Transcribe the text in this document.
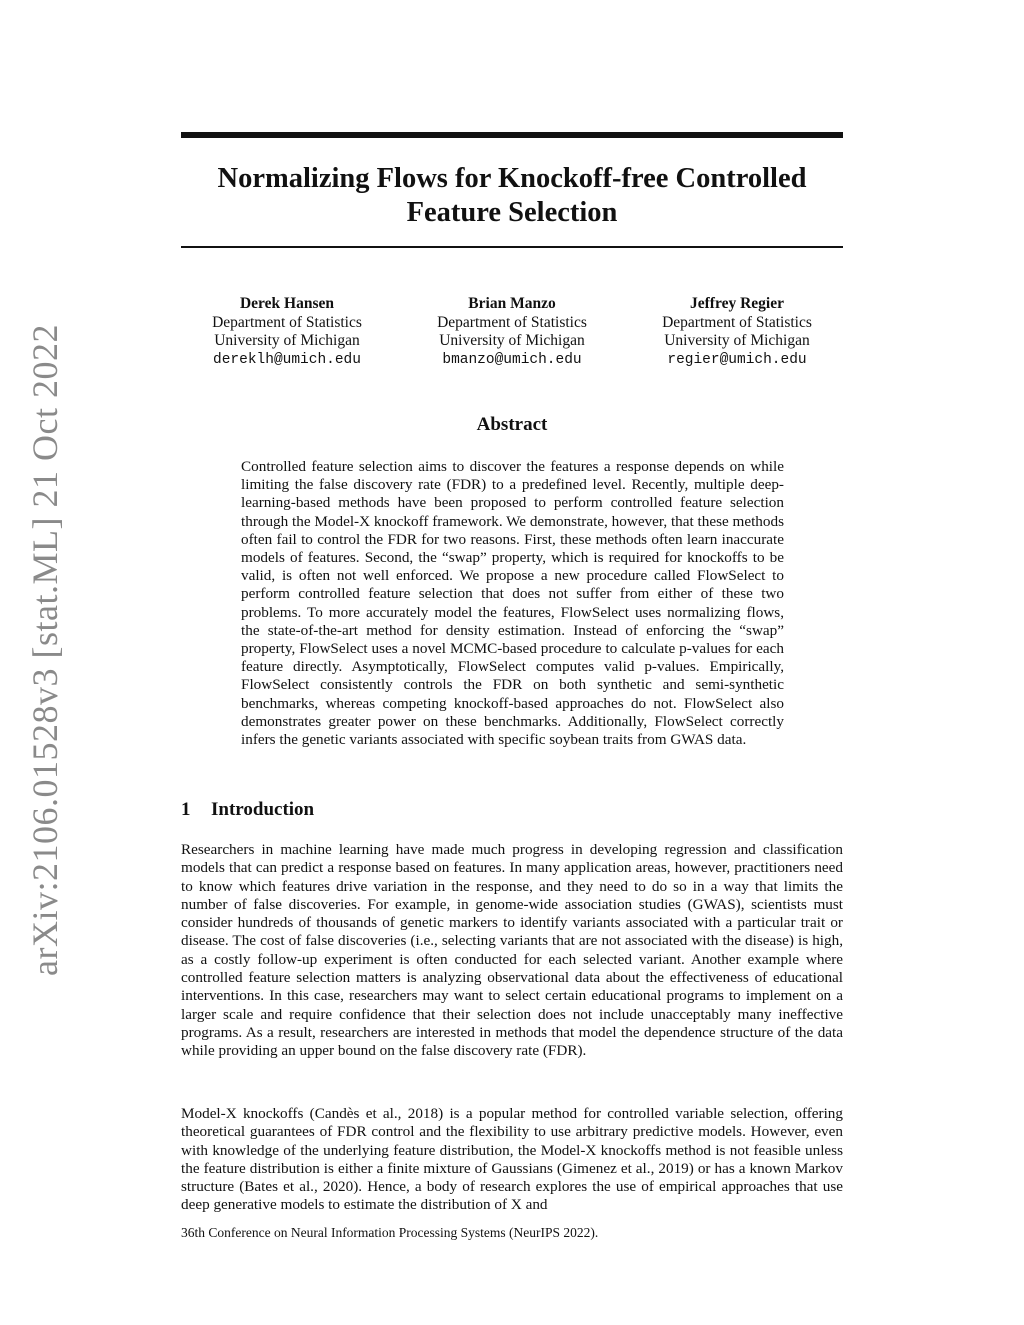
arXiv:2106.01528v3 [stat.ML] 21 Oct 2022
Normalizing Flows for Knockoff-free Controlled
Feature Selection
Derek Hansen
Department of Statistics
University of Michigan
dereklh@umich.edu
Brian Manzo
Department of Statistics
University of Michigan
bmanzo@umich.edu
Jeffrey Regier
Department of Statistics
University of Michigan
regier@umich.edu
Abstract

Controlled feature selection aims to discover the features a response depends on while limiting the false discovery rate (FDR) to a predefined level. Recently, multiple deep-learning-based methods have been proposed to perform controlled feature selection through the Model-X knockoff framework. We demonstrate, however, that these methods often fail to control the FDR for two reasons. First, these methods often learn inaccurate models of features. Second, the “swap” property, which is required for knockoffs to be valid, is often not well enforced. We propose a new procedure called FlowSelect to perform controlled feature selection that does not suffer from either of these two problems. To more accurately model the features, FlowSelect uses normalizing flows, the state-of-the-art method for density estimation. Instead of enforcing the “swap” property, FlowSelect uses a novel MCMC-based procedure to calculate p-values for each feature directly. Asymptotically, FlowSelect computes valid p-values. Empirically, FlowSelect consistently controls the FDR on both synthetic and semi-synthetic benchmarks, whereas competing knockoff-based approaches do not. FlowSelect also demonstrates greater power on these benchmarks. Additionally, FlowSelect correctly infers the genetic variants associated with specific soybean traits from GWAS data.

1 Introduction

Researchers in machine learning have made much progress in developing regression and classification models that can predict a response based on features. In many application areas, however, practitioners need to know which features drive variation in the response, and they need to do so in a way that limits the number of false discoveries. For example, in genome-wide association studies (GWAS), scientists must consider hundreds of thousands of genetic markers to identify variants associated with a particular trait or disease. The cost of false discoveries (i.e., selecting variants that are not associated with the disease) is high, as a costly follow-up experiment is often conducted for each selected variant. Another example where controlled feature selection matters is analyzing observational data about the effectiveness of educational interventions. In this case, researchers may want to select certain educational programs to implement on a larger scale and require confidence that their selection does not include unacceptably many ineffective programs. As a result, researchers are interested in methods that model the dependence structure of the data while providing an upper bound on the false discovery rate (FDR).

Model-X knockoffs (Candès et al., 2018) is a popular method for controlled variable selection, offering theoretical guarantees of FDR control and the flexibility to use arbitrary predictive models. However, even with knowledge of the underlying feature distribution, the Model-X knockoffs method is not feasible unless the feature distribution is either a finite mixture of Gaussians (Gimenez et al., 2019) or has a known Markov structure (Bates et al., 2020). Hence, a body of research explores the use of empirical approaches that use deep generative models to estimate the distribution of X and

36th Conference on Neural Information Processing Systems (NeurIPS 2022).
